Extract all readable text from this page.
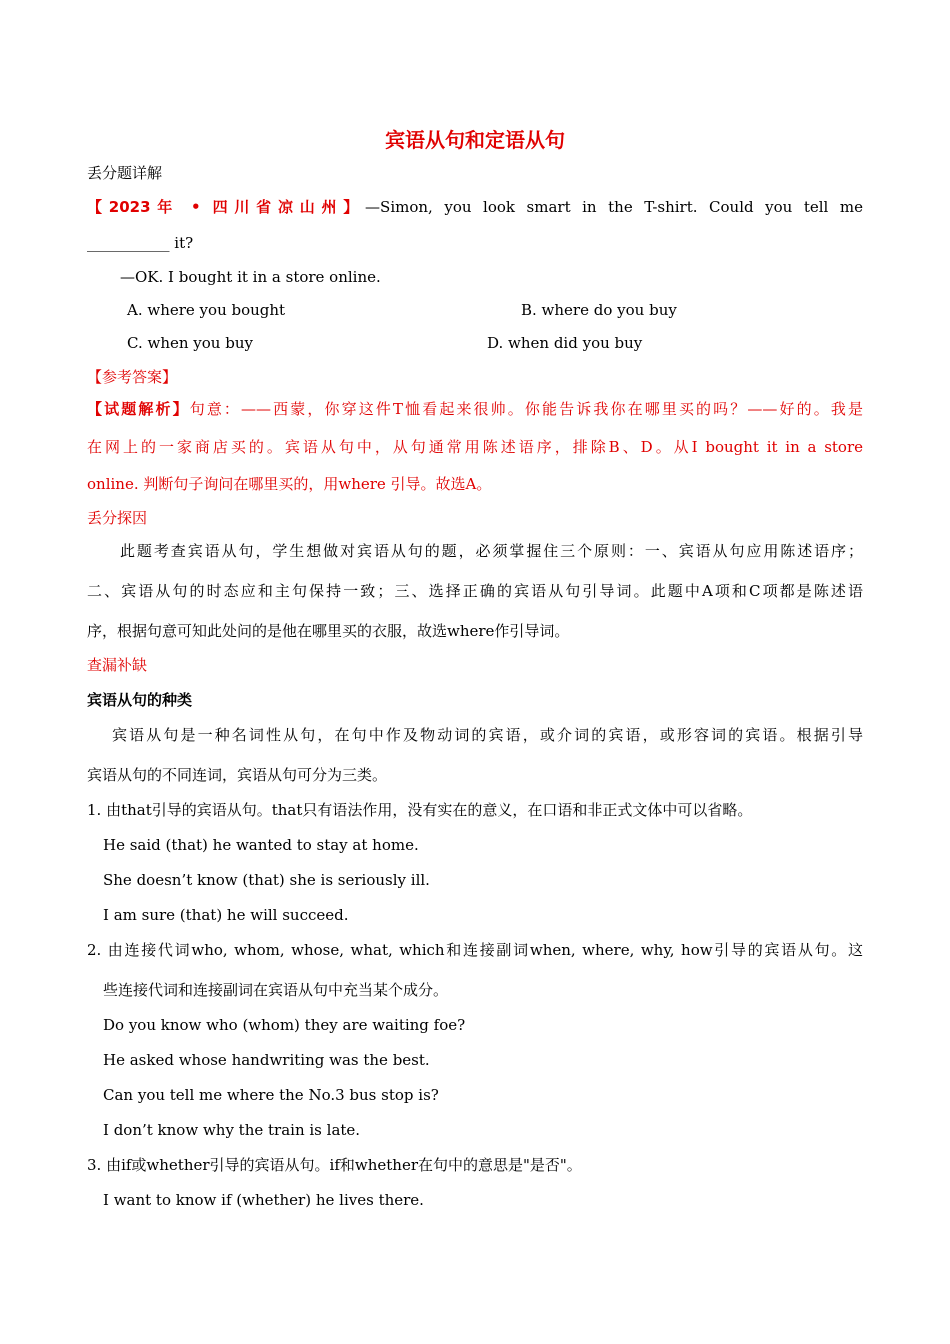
宾语从句和定语从句
丢分题详解
【2023年 • 四川省凉山州】—Simon, you look smart in the T-shirt. Could you tell me
___________ it?
—OK. I bought it in a store online.
A. where you bought	B. where do you buy
C. when you buy	D. when did you buy
【参考答案】
【试题解析】句意：——西蒙，你穿这件T恤看起来很帅。你能告诉我你在哪里买的吗？——好的。我是
在网上的一家商店买的。宾语从句中，从句通常用陈述语序，排除B、D。从I bought it in a store
online. 判断句子询问在哪里买的，用where 引导。故选A。
丢分探因
此题考查宾语从句，学生想做对宾语从句的题，必须掌握住三个原则：一、宾语从句应用陈述语序；
二、宾语从句的时态应和主句保持一致；三、选择正确的宾语从句引导词。此题中A项和C项都是陈述语
序，根据句意可知此处问的是他在哪里买的衣服，故选where作引导词。
查漏补缺
宾语从句的种类
宾语从句是一种名词性从句，在句中作及物动词的宾语，或介词的宾语，或形容词的宾语。根据引导
宾语从句的不同连词，宾语从句可分为三类。
1. 由that引导的宾语从句。that只有语法作用，没有实在的意义，在口语和非正式文体中可以省略。
He said (that) he wanted to stay at home.
She doesn’t know (that) she is seriously ill.
I am sure (that) he will succeed.
2. 由连接代词who, whom, whose, what, which和连接副词when, where, why, how引导的宾语从句。这
些连接代词和连接副词在宾语从句中充当某个成分。
Do you know who (whom) they are waiting foe?
He asked whose handwriting was the best.
Can you tell me where the No.3 bus stop is?
I don’t know why the train is late.
3. 由if或whether引导的宾语从句。if和whether在句中的意思是"是否"。
I want to know if (whether) he lives there.
